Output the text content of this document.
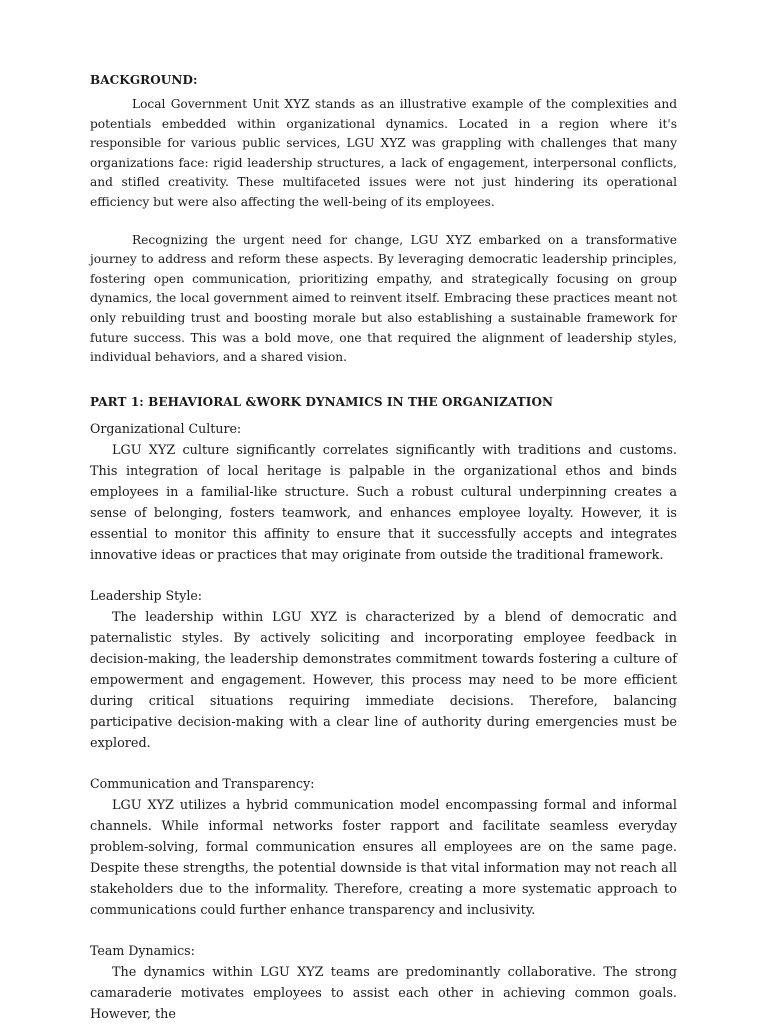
BACKGROUND:

Local Government Unit XYZ stands as an illustrative example of the complexities and potentials embedded within organizational dynamics. Located in a region where it's responsible for various public services, LGU XYZ was grappling with challenges that many organizations face: rigid leadership structures, a lack of engagement, interpersonal conflicts, and stifled creativity. These multifaceted issues were not just hindering its operational efficiency but were also affecting the well-being of its employees.

Recognizing the urgent need for change, LGU XYZ embarked on a transformative journey to address and reform these aspects. By leveraging democratic leadership principles, fostering open communication, prioritizing empathy, and strategically focusing on group dynamics, the local government aimed to reinvent itself. Embracing these practices meant not only rebuilding trust and boosting morale but also establishing a sustainable framework for future success. This was a bold move, one that required the alignment of leadership styles, individual behaviors, and a shared vision.

PART 1: BEHAVIORAL &WORK DYNAMICS IN THE ORGANIZATION
Organizational Culture:

LGU XYZ culture significantly correlates significantly with traditions and customs. This integration of local heritage is palpable in the organizational ethos and binds employees in a familial-like structure. Such a robust cultural underpinning creates a sense of belonging, fosters teamwork, and enhances employee loyalty. However, it is essential to monitor this affinity to ensure that it successfully accepts and integrates innovative ideas or practices that may originate from outside the traditional framework.

Leadership Style:

The leadership within LGU XYZ is characterized by a blend of democratic and paternalistic styles. By actively soliciting and incorporating employee feedback in decision-making, the leadership demonstrates commitment towards fostering a culture of empowerment and engagement. However, this process may need to be more efficient during critical situations requiring immediate decisions. Therefore, balancing participative decision-making with a clear line of authority during emergencies must be explored.

Communication and Transparency:

LGU XYZ utilizes a hybrid communication model encompassing formal and informal channels. While informal networks foster rapport and facilitate seamless everyday problem-solving, formal communication ensures all employees are on the same page. Despite these strengths, the potential downside is that vital information may not reach all stakeholders due to the informality. Therefore, creating a more systematic approach to communications could further enhance transparency and inclusivity.

Team Dynamics:

The dynamics within LGU XYZ teams are predominantly collaborative. The strong camaraderie motivates employees to assist each other in achieving common goals. However, the
